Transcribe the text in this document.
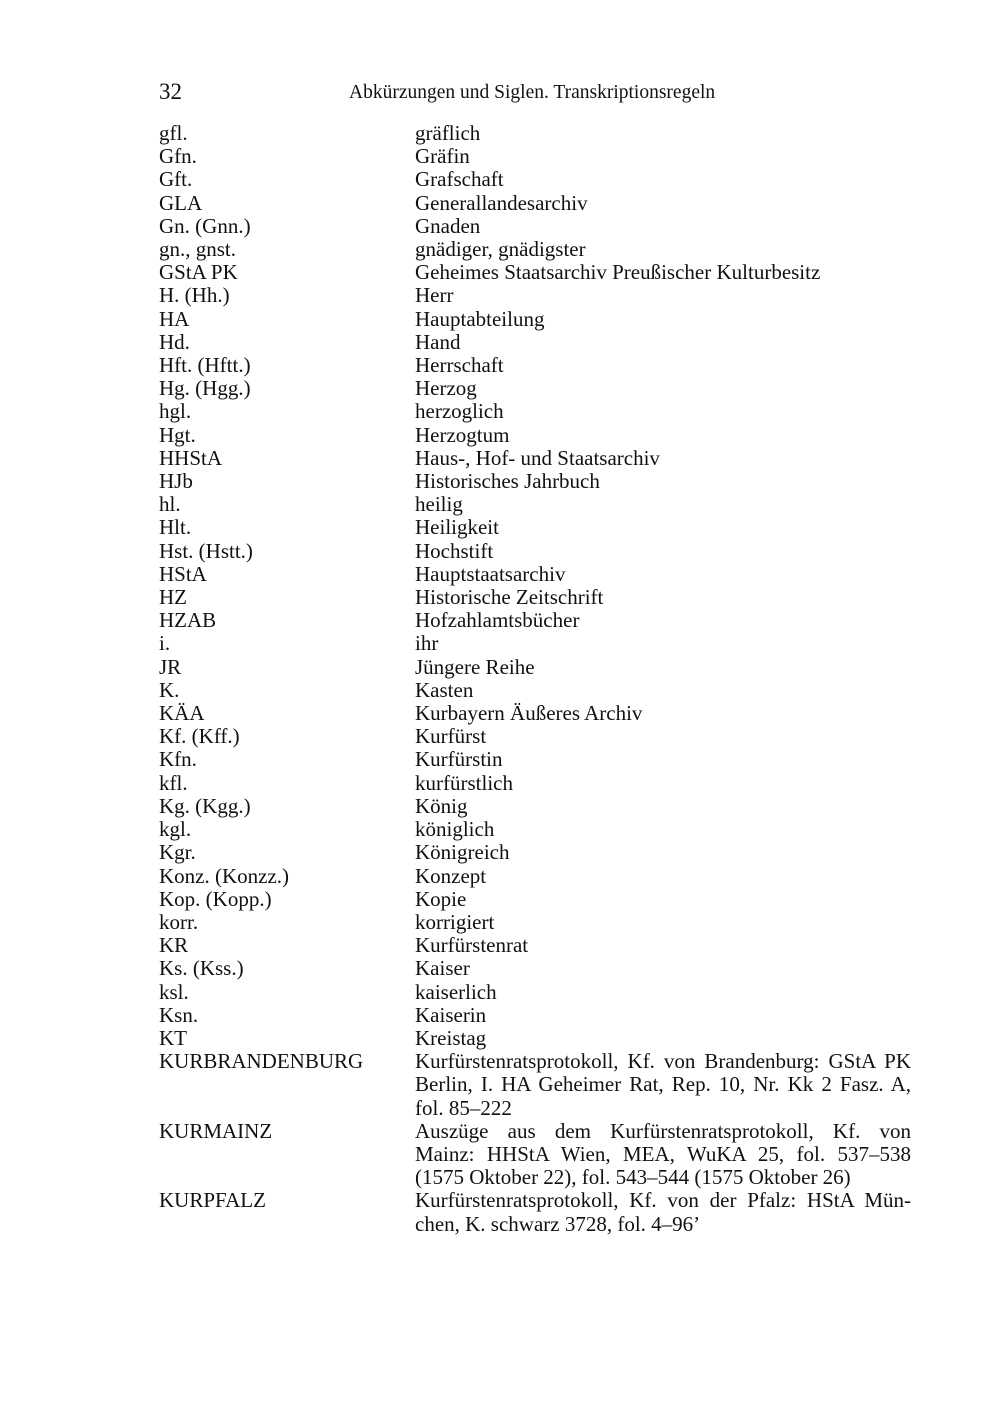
32	Abkürzungen und Siglen. Transkriptionsregeln
gfl.	gräflich
Gfn.	Gräfin
Gft.	Grafschaft
GLA	Generallandesarchiv
Gn. (Gnn.)	Gnaden
gn., gnst.	gnädiger, gnädigster
GStA PK	Geheimes Staatsarchiv Preußischer Kulturbesitz
H. (Hh.)	Herr
HA	Hauptabteilung
Hd.	Hand
Hft. (Hftt.)	Herrschaft
Hg. (Hgg.)	Herzog
hgl.	herzoglich
Hgt.	Herzogtum
HHStA	Haus-, Hof- und Staatsarchiv
HJb	Historisches Jahrbuch
hl.	heilig
Hlt.	Heiligkeit
Hst. (Hstt.)	Hochstift
HStA	Hauptstaatsarchiv
HZ	Historische Zeitschrift
HZAB	Hofzahlamtsbücher
i.	ihr
JR	Jüngere Reihe
K.	Kasten
KÄA	Kurbayern Äußeres Archiv
Kf. (Kff.)	Kurfürst
Kfn.	Kurfürstin
kfl.	kurfürstlich
Kg. (Kgg.)	König
kgl.	königlich
Kgr.	Königreich
Konz. (Konzz.)	Konzept
Kop. (Kopp.)	Kopie
korr.	korrigiert
KR	Kurfürstenrat
Ks. (Kss.)	Kaiser
ksl.	kaiserlich
Ksn.	Kaiserin
KT	Kreistag
KURBRANDENBURG	Kurfürstenratsprotokoll, Kf. von Brandenburg: GStA PK
Berlin, I. HA Geheimer Rat, Rep. 10, Nr. Kk 2 Fasz. A,
fol. 85–222
KURMAINZ	Auszüge aus dem Kurfürstenratsprotokoll, Kf. von
Mainz: HHStA Wien, MEA, WuKA 25, fol. 537–538
(1575 Oktober 22), fol. 543–544 (1575 Oktober 26)
KURPFALZ	Kurfürstenratsprotokoll, Kf. von der Pfalz: HStA Mün-
chen, K. schwarz 3728, fol. 4–96’
